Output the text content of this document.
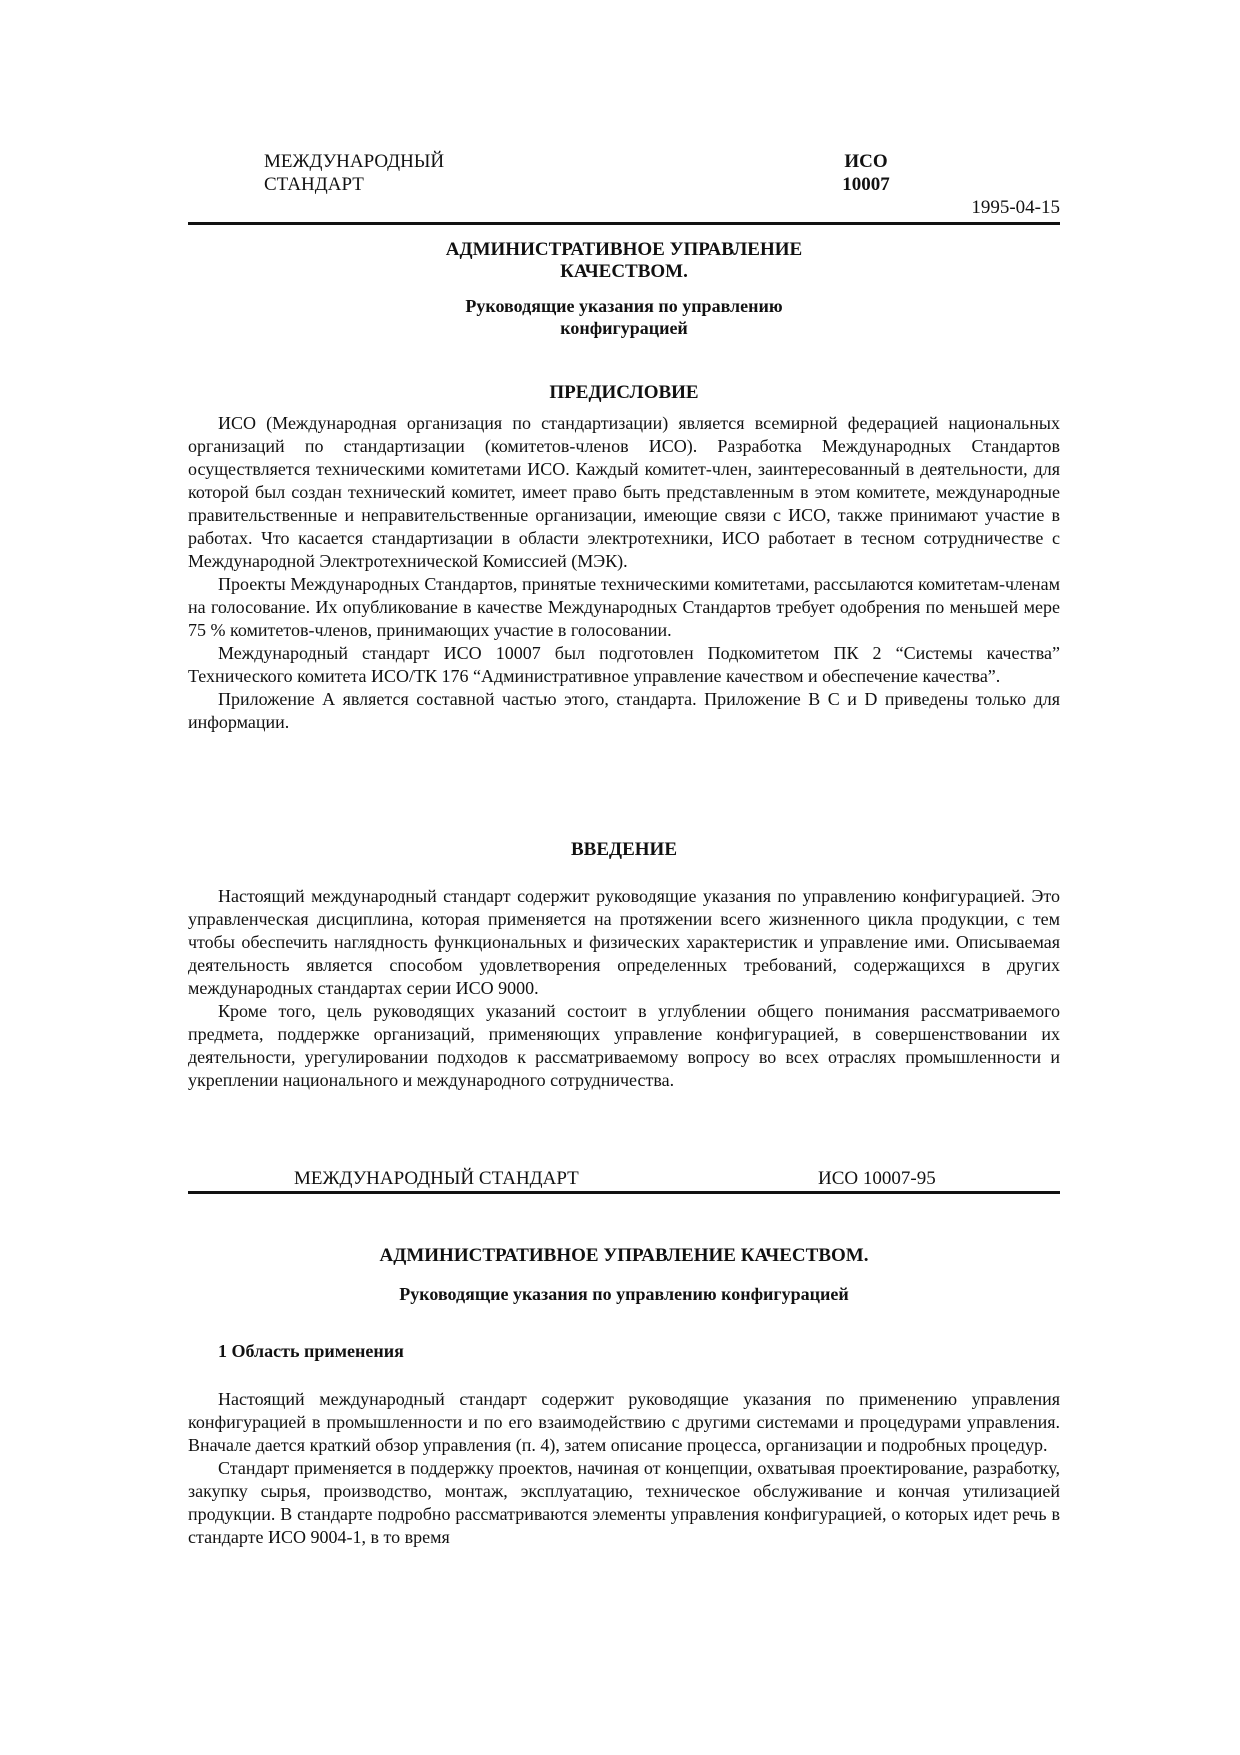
МЕЖДУНАРОДНЫЙ
СТАНДАРТ
ИСО
10007
1995-04-15

АДМИНИСТРАТИВНОЕ УПРАВЛЕНИЕ

КАЧЕСТВОМ.

Руководящие указания по управлению

конфигурацией

ПРЕДИСЛОВИЕ

ИСО (Международная организация по стандартизации) является всемирной федерацией национальных организаций по стандартизации (комитетов-членов ИСО). Разработка Международных Стандартов осуществляется техническими комитетами ИСО. Каждый комитет-член, заинтересованный в деятельности, для которой был создан технический комитет, имеет право быть представленным в этом комитете, международные правительственные и неправительственные организации, имеющие связи с ИСО, также принимают участие в работах. Что касается стандартизации в области электротехники, ИСО работает в тесном сотрудничестве с Международной Электротехнической Комиссией (МЭК).

Проекты Международных Стандартов, принятые техническими комитетами, рассылаются комитетам-членам на голосование. Их опубликование в качестве Международных Стандартов требует одобрения по меньшей мере 75 % комитетов-членов, принимающих участие в голосовании.

Международный стандарт ИСО 10007 был подготовлен Подкомитетом ПК 2 “Системы качества” Технического комитета ИСО/ТК 176 “Административное управление качеством и обеспечение качества”.

Приложение А является составной частью этого, стандарта. Приложение В С и D приведены только для информации.

ВВЕДЕНИЕ

Настоящий международный стандарт содержит руководящие указания по управлению конфигурацией. Это управленческая дисциплина, которая применяется на протяжении всего жизненного цикла продукции, с тем чтобы обеспечить наглядность функциональных и физических характеристик и управление ими. Описываемая деятельность является способом удовлетворения определенных требований, содержащихся в других международных стандартах серии ИСО 9000.

Кроме того, цель руководящих указаний состоит в углублении общего понимания рассматриваемого предмета, поддержке организаций, применяющих управление конфигурацией, в совершенствовании их деятельности, урегулировании подходов к рассматриваемому вопросу во всех отраслях промышленности и укреплении национального и международного сотрудничества.

МЕЖДУНАРОДНЫЙ СТАНДАРТ	ИСО 10007-95

АДМИНИСТРАТИВНОЕ УПРАВЛЕНИЕ КАЧЕСТВОМ.

Руководящие указания по управлению конфигурацией

1 Область применения

Настоящий международный стандарт содержит руководящие указания по применению управления конфигурацией в промышленности и по его взаимодействию с другими системами и процедурами управления. Вначале дается краткий обзор управления (п. 4), затем описание процесса, организации и подробных процедур.

Стандарт применяется в поддержку проектов, начиная от концепции, охватывая проектирование, разработку, закупку сырья, производство, монтаж, эксплуатацию, техническое обслуживание и кончая утилизацией продукции. В стандарте подробно рассматриваются элементы управления конфигурацией, о которых идет речь в стандарте ИСО 9004-1, в то время
